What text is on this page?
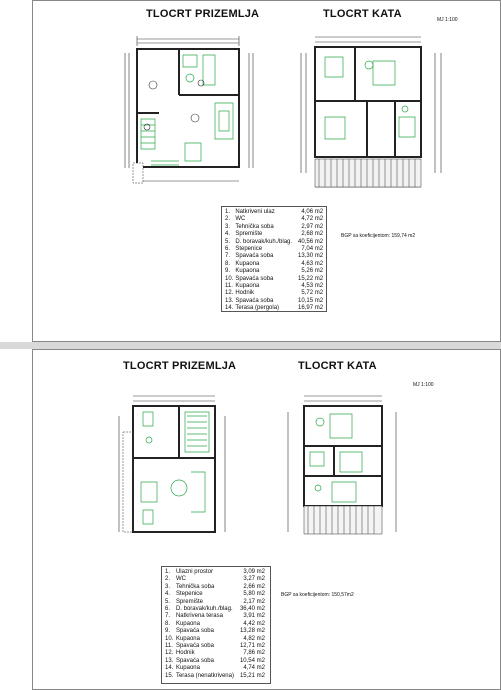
TLOCRT PRIZEMLJA	TLOCRT KATA	MJ 1:100
1.	Natkriveni ulaz	4,06 m2
2.	WC	4,72 m2
3.	Tehnička soba	2,97 m2
4.	Spremište	2,68 m2
5.	D. boravak/kuh./blag.	40,56 m2
6.	Stepenice	7,04 m2
7.	Spavaća soba	13,30 m2
8.	Kupaona	4,63 m2
9.	Kupaona	5,26 m2
10.	Spavaća soba	15,22 m2
11.	Kupaona	4,53 m2
12.	Hodnik	5,72 m2
13.	Spavaća soba	10,15 m2
14.	Terasa (pergola)	16,97 m2
BGP sa koeficijentom: 159,74 m2
TLOCRT PRIZEMLJA	TLOCRT KATA
MJ 1:100
1.	Ulazni prostor	3,09 m2
2.	WC	3,27 m2
3.	Tehnička soba	2,66 m2
4.	Stepenice	5,80 m2
5.	Spremište	2,17 m2
6.	D. boravak/kuh./blag.	36,40 m2
7.	Natkrivena terasa	3,91 m2
8.	Kupaona	4,42 m2
9.	Spavaća soba	13,28 m2
10.	Kupaona	4,82 m2
11.	Spavaća soba	12,71 m2
12.	Hodnik	7,86 m2
13.	Spavaća soba	10,54 m2
14.	Kupaona	4,74 m2
15.	Terasa (nenatkrivena)	15,21 m2
BGP sa koeficijentom: 150,57m2
